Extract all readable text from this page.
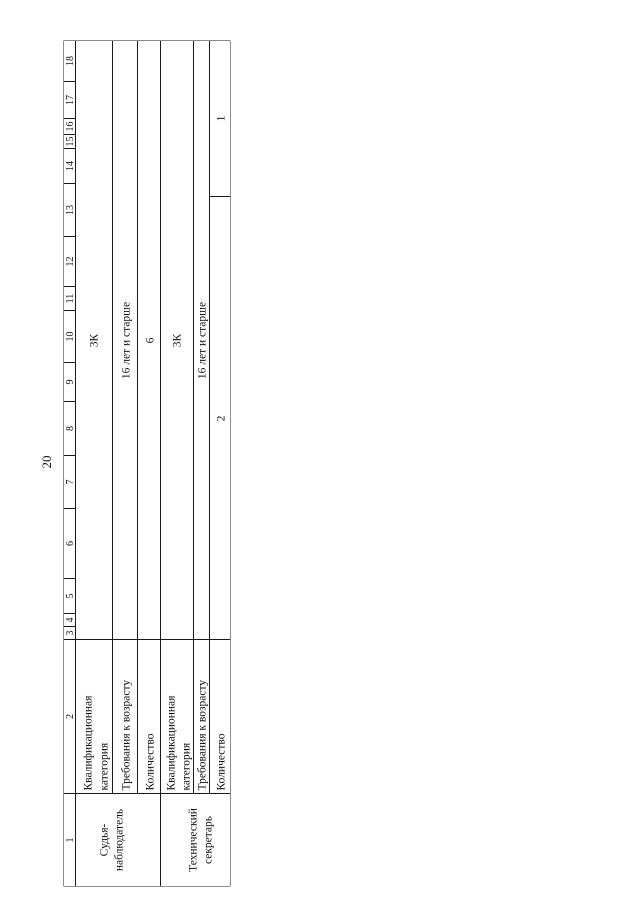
20
1
2
3
4
5
6
7
8
9
10
11
12
13
14
15
16
17
18
Судья- наблюдатель
Квалификационная категория
3К
Требования к возрасту
16 лет и старше
Количество
6
Технический секретарь
Квалификационная категория
3К
Требования к возрасту
16 лет и старше
Количество
2
1
